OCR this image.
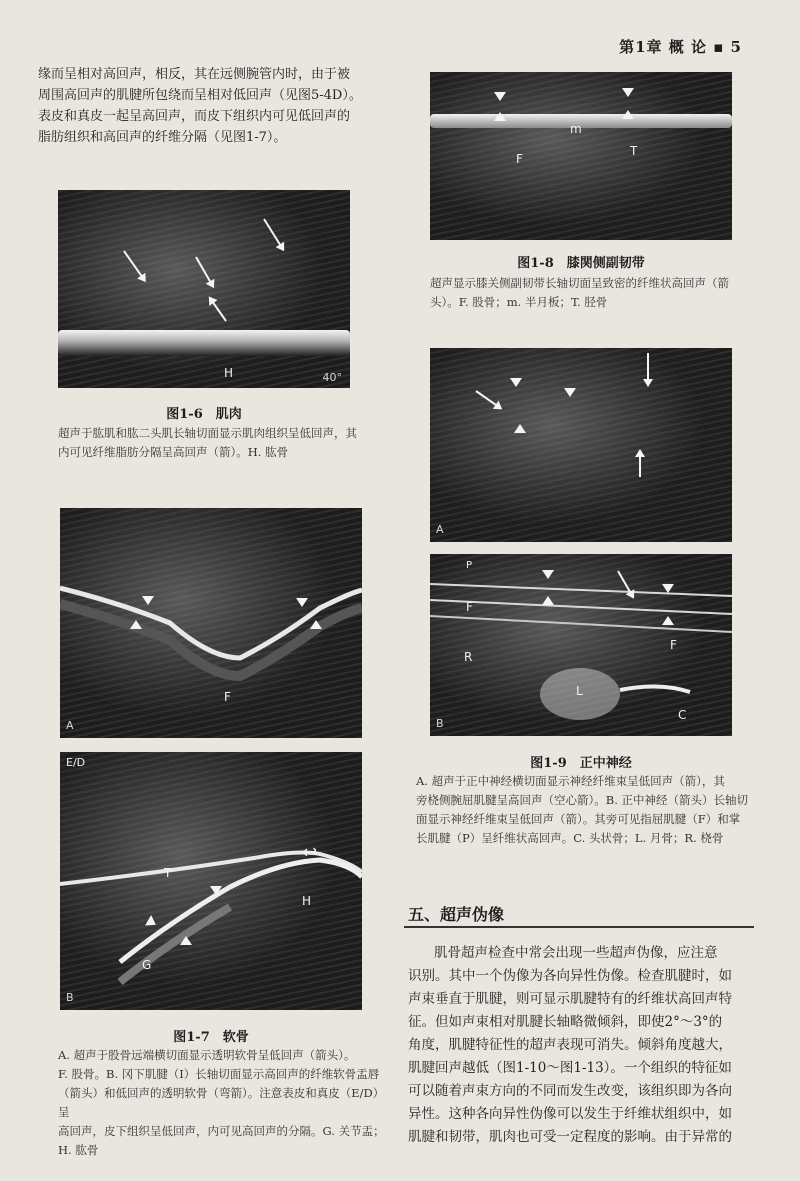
第1章 概 论 ▪ 5
缘而呈相对高回声，相反，其在远侧腕管内时，由于被
周围高回声的肌腱所包绕而呈相对低回声（见图5-4D）。
表皮和真皮一起呈高回声，而皮下组织内可见低回声的
脂肪组织和高回声的纤维分隔（见图1-7）。
H	40°
图1-6　肌肉
超声于肱肌和肱二头肌长轴切面显示肌肉组织呈低回声，其
内可见纤维脂肪分隔呈高回声（箭）。H. 肱骨
F
A
E/D
T
H
G
↩
B
图1-7　软骨
A. 超声于股骨远端横切面显示透明软骨呈低回声（箭头）。
F. 股骨。B. 冈下肌腱（I）长轴切面显示高回声的纤维软骨盂唇
（箭头）和低回声的透明软骨（弯箭）。注意表皮和真皮（E/D）呈
高回声，皮下组织呈低回声，内可见高回声的分隔。G. 关节盂；
H. 肱骨
F
m
T
图1-8　膝関侧副韧带
超声显示膝关侧副韧带长轴切面呈致密的纤维状高回声（箭
头）。F. 股骨；m. 半月板；T. 胫骨
A
P
F
F
R
L
C
B
图1-9　正中神经
A. 超声于正中神经横切面显示神经纤维束呈低回声（箭），其
旁桡侧腕屈肌腱呈高回声（空心箭）。B. 正中神经（箭头）长轴切
面显示神经纤维束呈低回声（箭）。其旁可见指屈肌腱（F）和掌
长肌腱（P）呈纤维状高回声。C. 头状骨；L. 月骨；R. 桡骨
五、超声伪像
肌骨超声检查中常会出现一些超声伪像，应注意
识别。其中一个伪像为各向异性伪像。检查肌腱时，如
声束垂直于肌腱，则可显示肌腱特有的纤维状高回声特
征。但如声束相对肌腱长轴略微倾斜，即使2°～3°的
角度，肌腱特征性的超声表现可消失。倾斜角度越大，
肌腱回声越低（图1-10～图1-13）。一个组织的特征如
可以随着声束方向的不同而发生改变，该组织即为各向
异性。这种各向异性伪像可以发生于纤维状组织中，如
肌腱和韧带，肌肉也可受一定程度的影响。由于异常的
